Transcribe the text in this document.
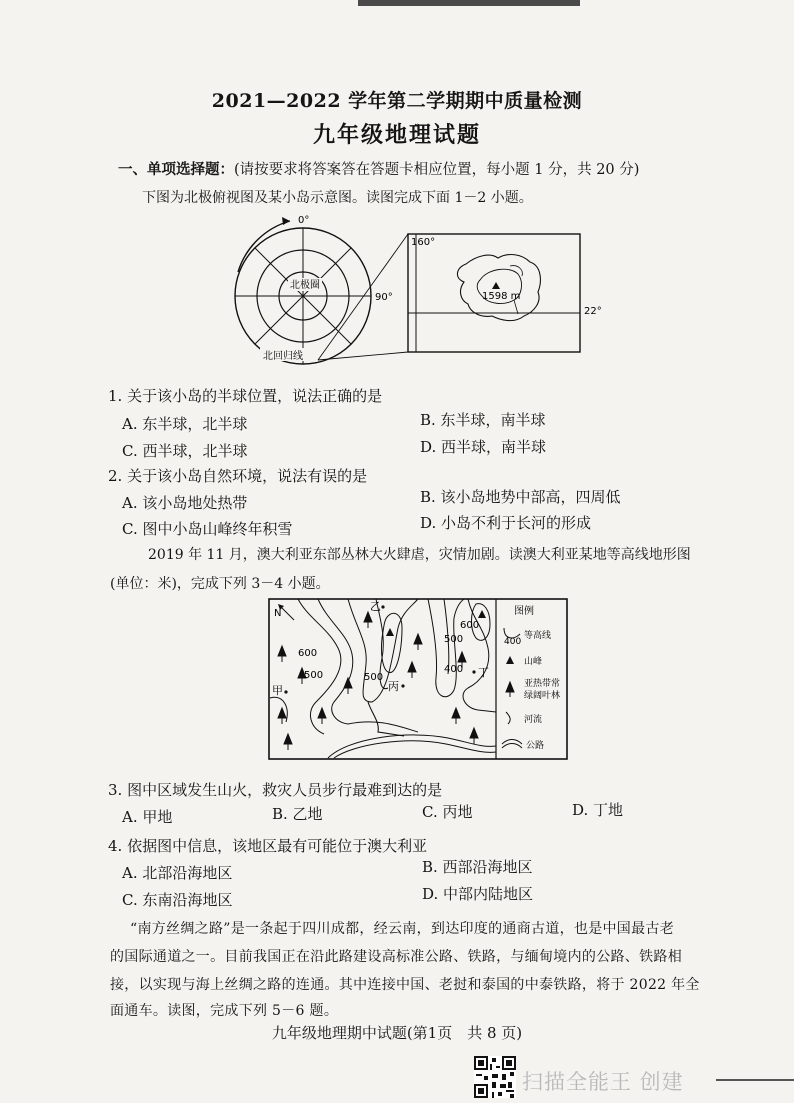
2021—2022 学年第二学期期中质量检测
九年级地理试题
一、单项选择题：(请按要求将答案答在答题卡相应位置，每小题 1 分，共 20 分)
下图为北极俯视图及某小岛示意图。读图完成下面 1－2 小题。
0°
90°
北极圈
北回归线
160°
22°
1598 m
1. 关于该小岛的半球位置，说法正确的是
A. 东半球，北半球	B. 东半球，南半球
C. 西半球，北半球	D. 西半球，南半球
2. 关于该小岛自然环境，说法有误的是
A. 该小岛地处热带	B. 该小岛地势中部高，四周低
C. 图中小岛山峰终年积雪	D. 小岛不利于长河的形成
2019 年 11 月，澳大利亚东部丛林大火肆虐，灾情加剧。读澳大利亚某地等高线地形图
(单位：米)，完成下列 3－4 小题。
N
600
500
500
600
500
400
甲
乙
丙
丁
图例
400
等高线
山峰
亚热带常
绿阔叶林
河流
公路
3. 图中区域发生山火，救灾人员步行最难到达的是
A. 甲地	B. 乙地	C. 丙地	D. 丁地
4. 依据图中信息，该地区最有可能位于澳大利亚
A. 北部沿海地区	B. 西部沿海地区
C. 东南沿海地区	D. 中部内陆地区
“南方丝绸之路”是一条起于四川成都，经云南，到达印度的通商古道，也是中国最古老
的国际通道之一。目前我国正在沿此路建设高标准公路、铁路，与缅甸境内的公路、铁路相
接，以实现与海上丝绸之路的连通。其中连接中国、老挝和泰国的中泰铁路，将于 2022 年全
面通车。读图，完成下列 5－6 题。
九年级地理期中试题(第1页　共 8 页)
扫描全能王 创建
